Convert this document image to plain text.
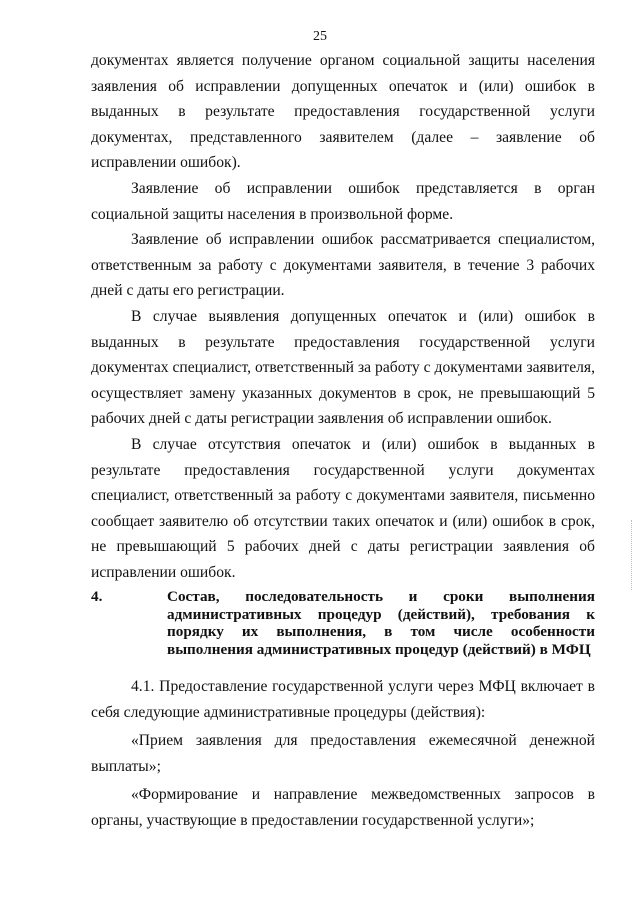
25

документах является получение органом социальной защиты населения заявления об исправлении допущенных опечаток и (или) ошибок в выданных в результате предоставления государственной услуги документах, представленного заявителем (далее – заявление об исправлении ошибок).

Заявление об исправлении ошибок представляется в орган социальной защиты населения в произвольной форме.

Заявление об исправлении ошибок рассматривается специалистом, ответственным за работу с документами заявителя, в течение 3 рабочих дней с даты его регистрации.

В случае выявления допущенных опечаток и (или) ошибок в выданных в результате предоставления государственной услуги документах специалист, ответственный за работу с документами заявителя, осуществляет замену указанных документов в срок, не превышающий 5 рабочих дней с даты регистрации заявления об исправлении ошибок.

В случае отсутствия опечаток и (или) ошибок в выданных в результате предоставления государственной услуги документах специалист, ответственный за работу с документами заявителя, письменно сообщает заявителю об отсутствии таких опечаток и (или) ошибок в срок, не превышающий 5 рабочих дней с даты регистрации заявления об исправлении ошибок.

4.	Состав, последовательность и сроки выполнения административных процедур (действий), требования к порядку их выполнения, в том числе особенности выполнения административных процедур (действий) в МФЦ

4.1. Предоставление государственной услуги через МФЦ включает в себя следующие административные процедуры (действия):

«Прием заявления для предоставления ежемесячной денежной выплаты»;

«Формирование и направление межведомственных запросов в органы, участвующие в предоставлении государственной услуги»;
